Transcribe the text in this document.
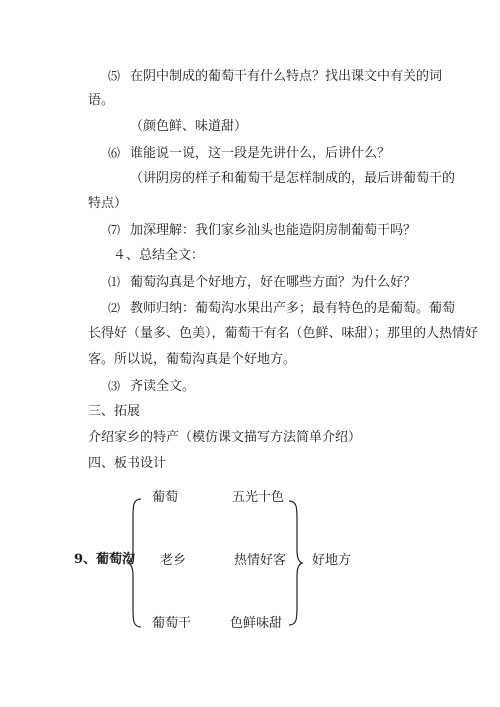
⑸ 在阴中制成的葡萄干有什么特点？找出课文中有关的词
语。
（颜色鲜、味道甜）
⑹ 谁能说一说，这一段是先讲什么，后讲什么？
（讲阴房的样子和葡萄干是怎样制成的，最后讲葡萄干的
特点）
⑺ 加深理解：我们家乡汕头也能造阴房制葡萄干吗？
４、总结全文：
⑴ 葡萄沟真是个好地方，好在哪些方面？为什么好？
⑵ 教师归纳：葡萄沟水果出产多；最有特色的是葡萄。葡萄
长得好（量多、色美），葡萄干有名（色鲜、味甜）；那里的人热情好
客。所以说，葡萄沟真是个好地方。
⑶ 齐读全文。
三、拓展
介绍家乡的特产（模仿课文描写方法简单介绍）
四、板书设计
9、葡萄沟
葡萄	五光十色
老乡	热情好客
葡萄干	色鲜味甜
好地方
